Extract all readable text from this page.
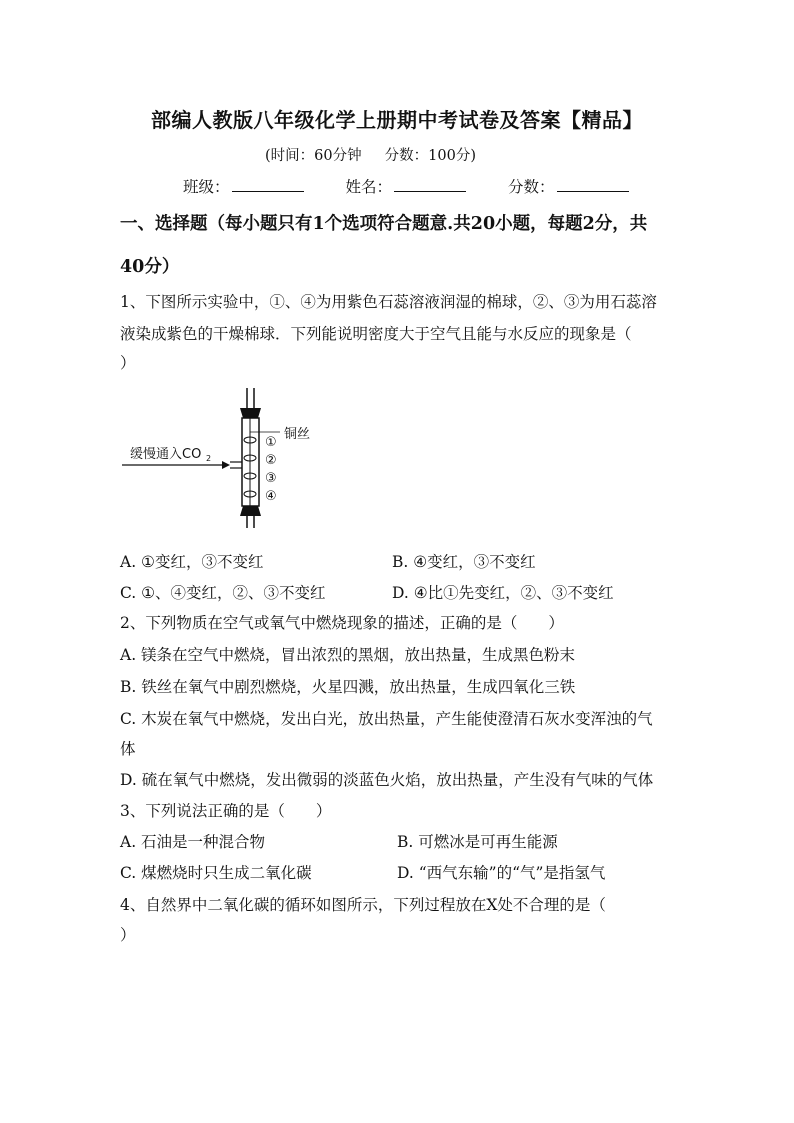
部编人教版八年级化学上册期中考试卷及答案【精品】
(时间：60分钟     分数：100分)
班级：	姓名：	分数：
一、选择题（每小题只有1个选项符合题意.共20小题，每题2分，共
40分）
1、下图所示实验中，①、④为用紫色石蕊溶液润湿的棉球，②、③为用石蕊溶
液染成紫色的干燥棉球．下列能说明密度大于空气且能与水反应的现象是（
）
缓慢通入CO 2
铜丝
①
②
③
④
A. ①变红，③不变红	B. ④变红，③不变红
C. ①、④变红，②、③不变红	D. ④比①先变红，②、③不变红
2、下列物质在空气或氧气中燃烧现象的描述，正确的是（　　）
A. 镁条在空气中燃烧，冒出浓烈的黑烟，放出热量，生成黑色粉末
B. 铁丝在氧气中剧烈燃烧，火星四溅，放出热量，生成四氧化三铁
C. 木炭在氧气中燃烧，发出白光，放出热量，产生能使澄清石灰水变浑浊的气
体
D. 硫在氧气中燃烧，发出微弱的淡蓝色火焰，放出热量，产生没有气味的气体
3、下列说法正确的是（　　）
A. 石油是一种混合物	B. 可燃冰是可再生能源
C. 煤燃烧时只生成二氧化碳	D. “西气东输”的“气”是指氢气
4、自然界中二氧化碳的循环如图所示，下列过程放在X处不合理的是（
）
